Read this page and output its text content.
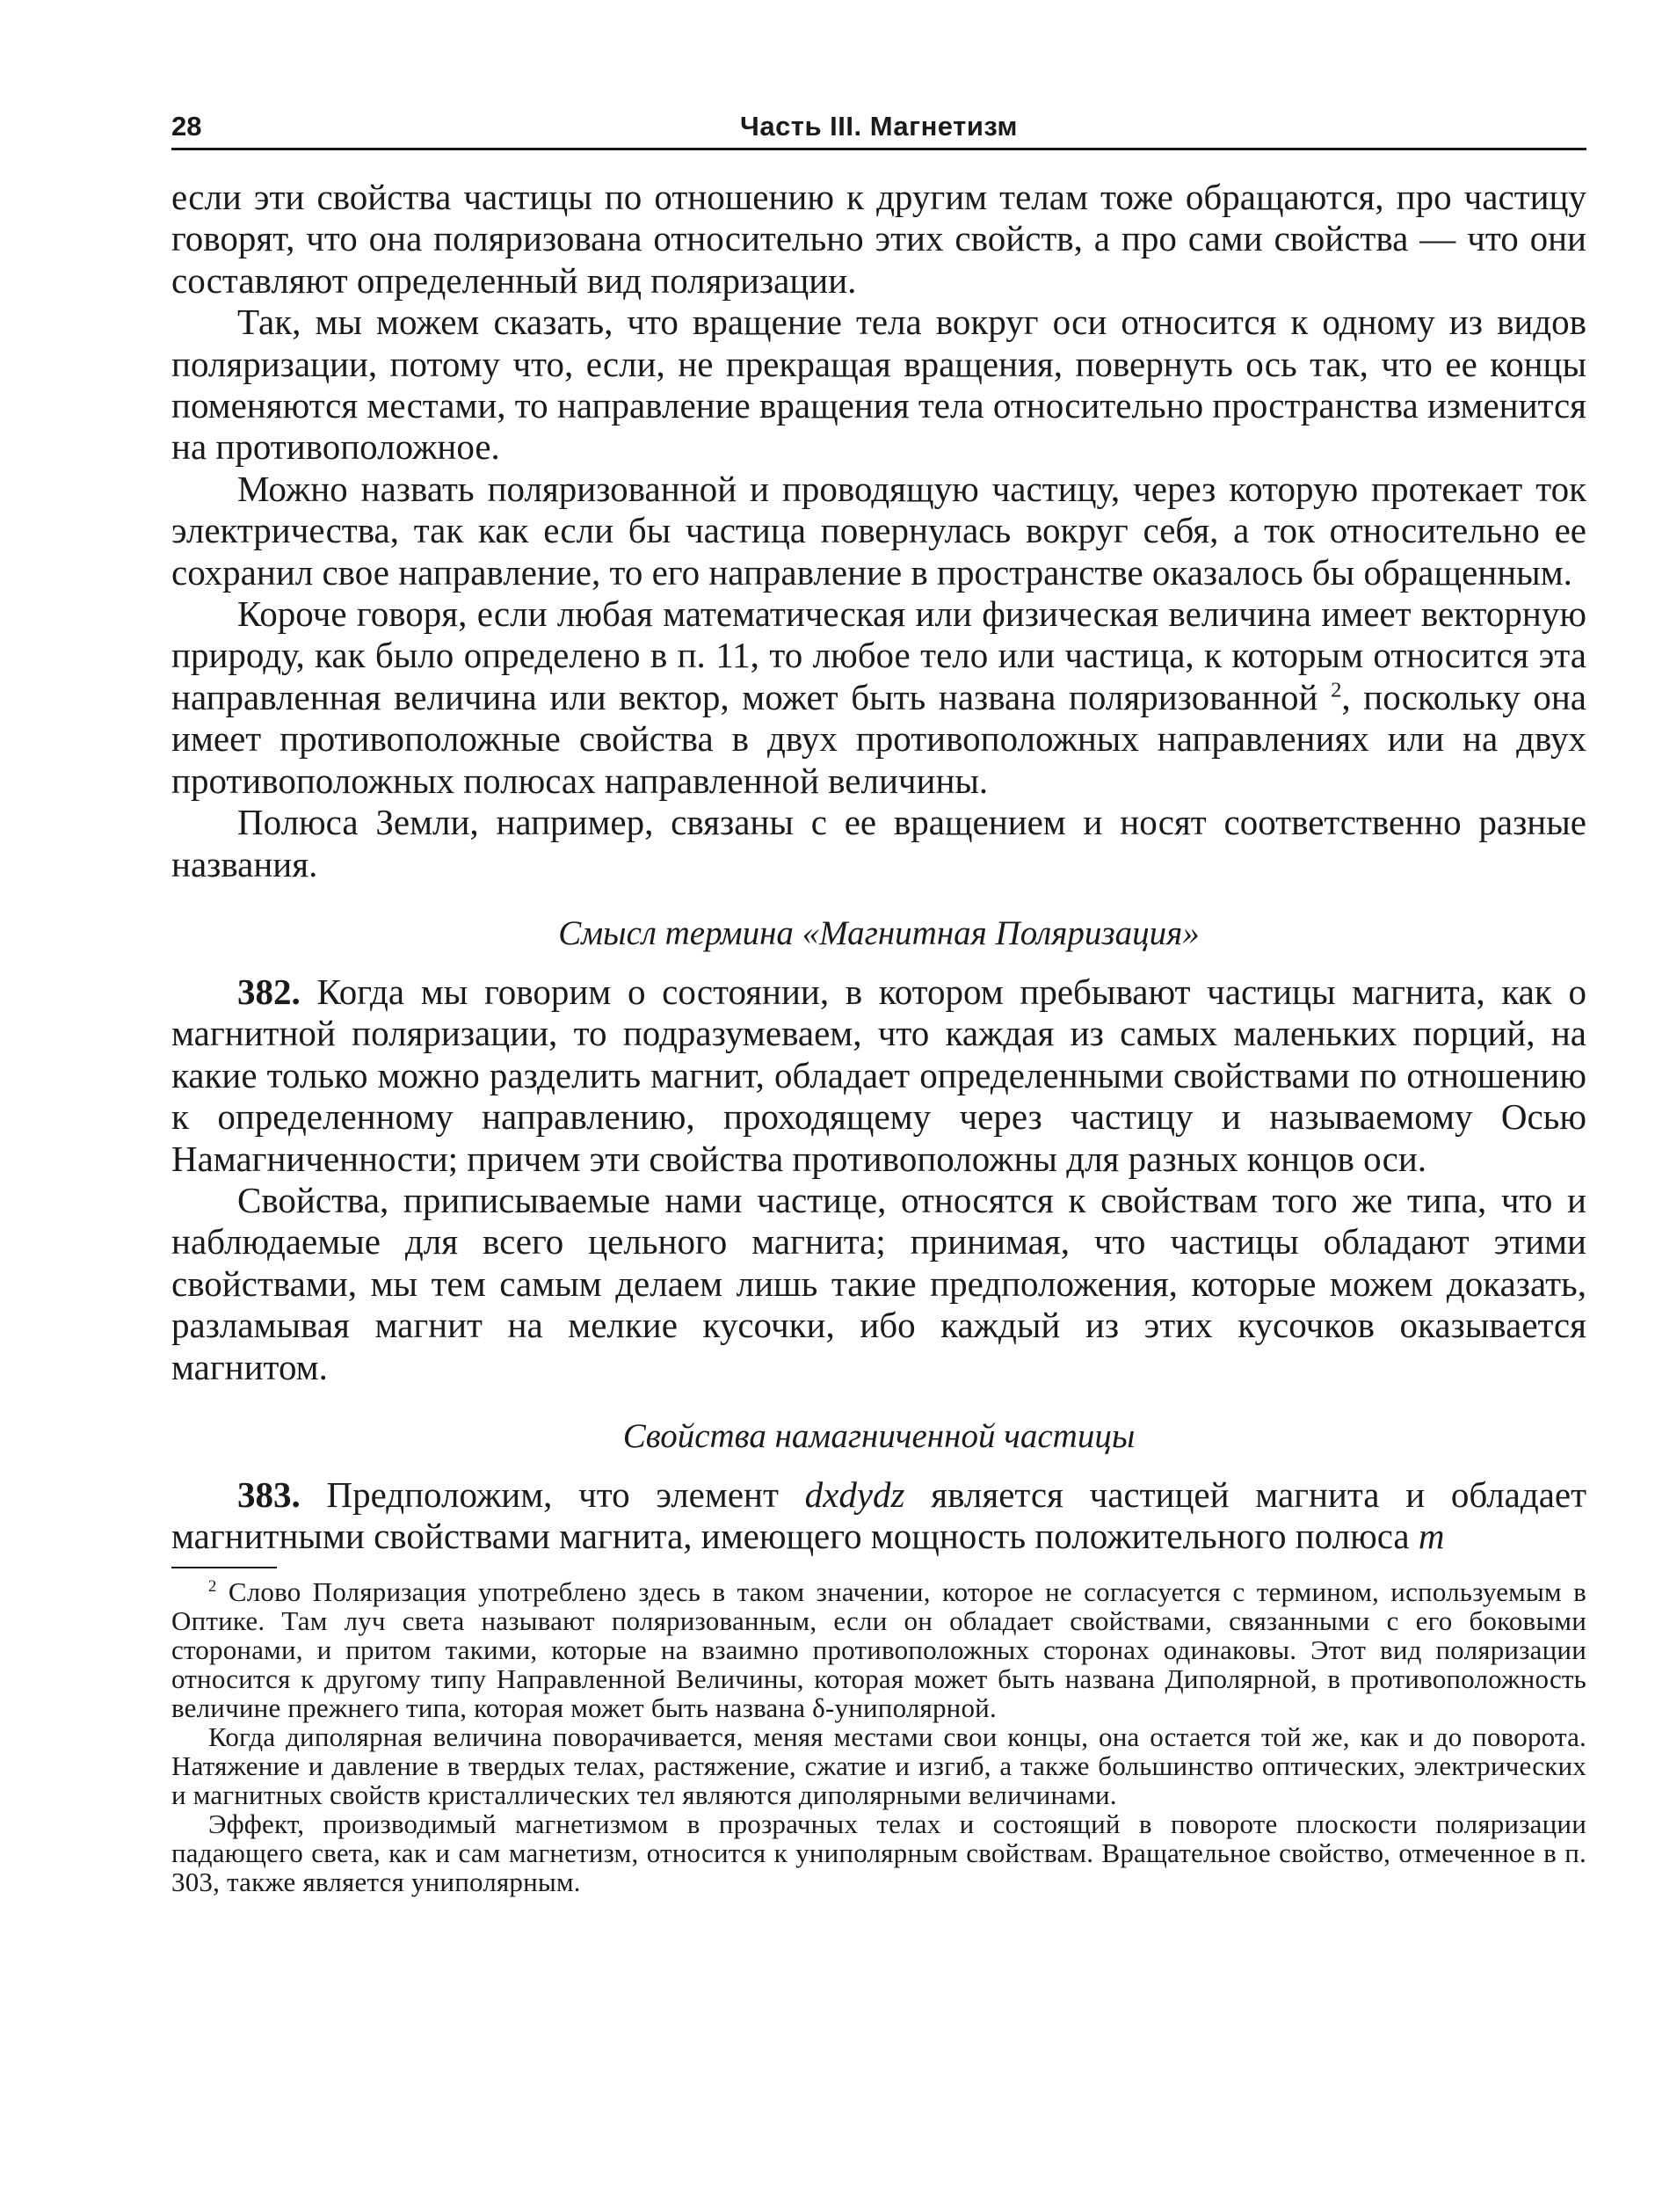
28	Часть III. Магнетизм

если эти свойства частицы по отношению к другим телам тоже обращаются, про частицу говорят, что она поляризована относительно этих свойств, а про сами свойства — что они составляют определенный вид поляризации.

Так, мы можем сказать, что вращение тела вокруг оси относится к одному из видов поляризации, потому что, если, не прекращая вращения, повернуть ось так, что ее концы поменяются местами, то направление вращения тела относительно пространства изменится на противоположное.

Можно назвать поляризованной и проводящую частицу, через которую протекает ток электричества, так как если бы частица повернулась вокруг себя, а ток относительно ее сохранил свое направление, то его направление в пространстве оказалось бы обращенным.

Короче говоря, если любая математическая или физическая величина имеет векторную природу, как было определено в п. 11, то любое тело или частица, к которым относится эта направленная величина или вектор, может быть названа поляризованной $^2$, поскольку она имеет противоположные свойства в двух противоположных направлениях или на двух противоположных полюсах направленной величины.

Полюса Земли, например, связаны с ее вращением и носят соответственно разные названия.

Смысл термина «Магнитная Поляризация»

382. Когда мы говорим о состоянии, в котором пребывают частицы магнита, как о магнитной поляризации, то подразумеваем, что каждая из самых маленьких порций, на какие только можно разделить магнит, обладает определенными свойствами по отношению к определенному направлению, проходящему через частицу и называемому Осью Намагниченности; причем эти свойства противоположны для разных концов оси.

Свойства, приписываемые нами частице, относятся к свойствам того же типа, что и наблюдаемые для всего цельного магнита; принимая, что частицы обладают этими свойствами, мы тем самым делаем лишь такие предположения, которые можем доказать, разламывая магнит на мелкие кусочки, ибо каждый из этих кусочков оказывается магнитом.

Свойства намагниченной частицы

383. Предположим, что элемент dxdydz является частицей магнита и обладает магнитными свойствами магнита, имеющего мощность положительного полюса m

$^2$ Слово Поляризация употреблено здесь в таком значении, которое не согласуется с термином, используемым в Оптике. Там луч света называют поляризованным, если он обладает свойствами, связанными с его боковыми сторонами, и притом такими, которые на взаимно противоположных сторонах одинаковы. Этот вид поляризации относится к другому типу Направленной Величины, которая может быть названа Диполярной, в противоположность величине прежнего типа, которая может быть названа δ-униполярной.

Когда диполярная величина поворачивается, меняя местами свои концы, она остается той же, как и до поворота. Натяжение и давление в твердых телах, растяжение, сжатие и изгиб, а также большинство оптических, электрических и магнитных свойств кристаллических тел являются диполярными величинами.

Эффект, производимый магнетизмом в прозрачных телах и состоящий в повороте плоскости поляризации падающего света, как и сам магнетизм, относится к униполярным свойствам. Вращательное свойство, отмеченное в п. 303, также является униполярным.
